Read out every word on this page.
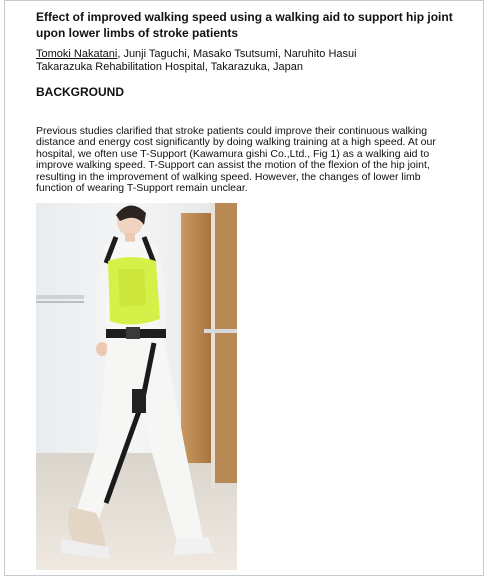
Effect of improved walking speed using a walking aid to support hip joint upon lower limbs of stroke patients
Tomoki Nakatani, Junji Taguchi, Masako Tsutsumi, Naruhito Hasui
Takarazuka Rehabilitation Hospital, Takarazuka, Japan
BACKGROUND
Previous studies clarified that stroke patients could improve their continuous walking distance and energy cost significantly by doing walking training at a high speed. At our hospital, we often use T-Support (Kawamura gishi Co.,Ltd., Fig 1) as a walking aid to improve walking speed. T-Support can assist the motion of the flexion of the hip joint, resulting in the improvement of walking speed. However, the changes of lower limb function of wearing T-Support remain unclear.
